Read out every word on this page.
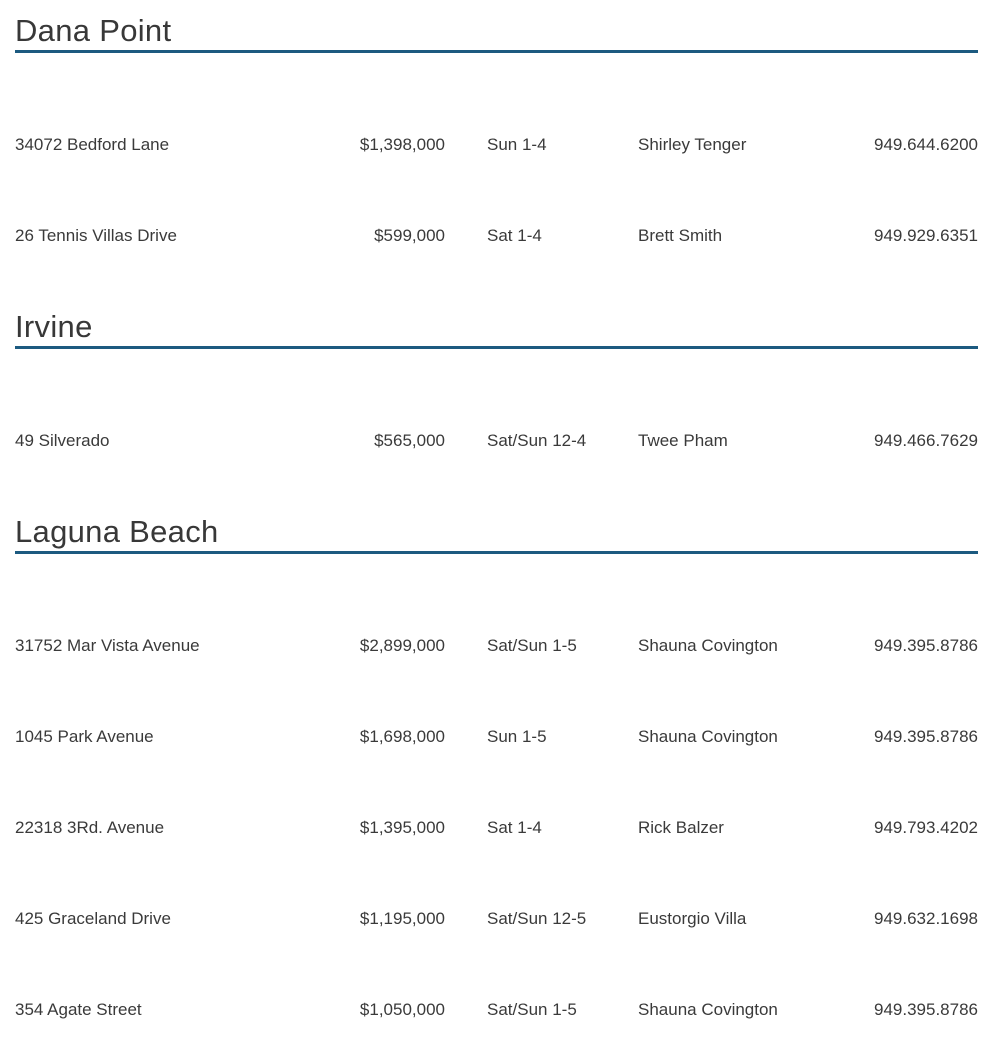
Dana Point
34072 Bedford Lane	$1,398,000	Sun 1-4	Shirley Tenger	949.644.6200
26 Tennis Villas Drive	$599,000	Sat 1-4	Brett Smith	949.929.6351
Irvine
49 Silverado	$565,000	Sat/Sun 12-4	Twee Pham	949.466.7629
Laguna Beach
31752 Mar Vista Avenue	$2,899,000	Sat/Sun 1-5	Shauna Covington	949.395.8786
1045 Park Avenue	$1,698,000	Sun 1-5	Shauna Covington	949.395.8786
22318 3Rd. Avenue	$1,395,000	Sat 1-4	Rick Balzer	949.793.4202
425 Graceland Drive	$1,195,000	Sat/Sun 12-5	Eustorgio Villa	949.632.1698
354 Agate Street	$1,050,000	Sat/Sun 1-5	Shauna Covington	949.395.8786
